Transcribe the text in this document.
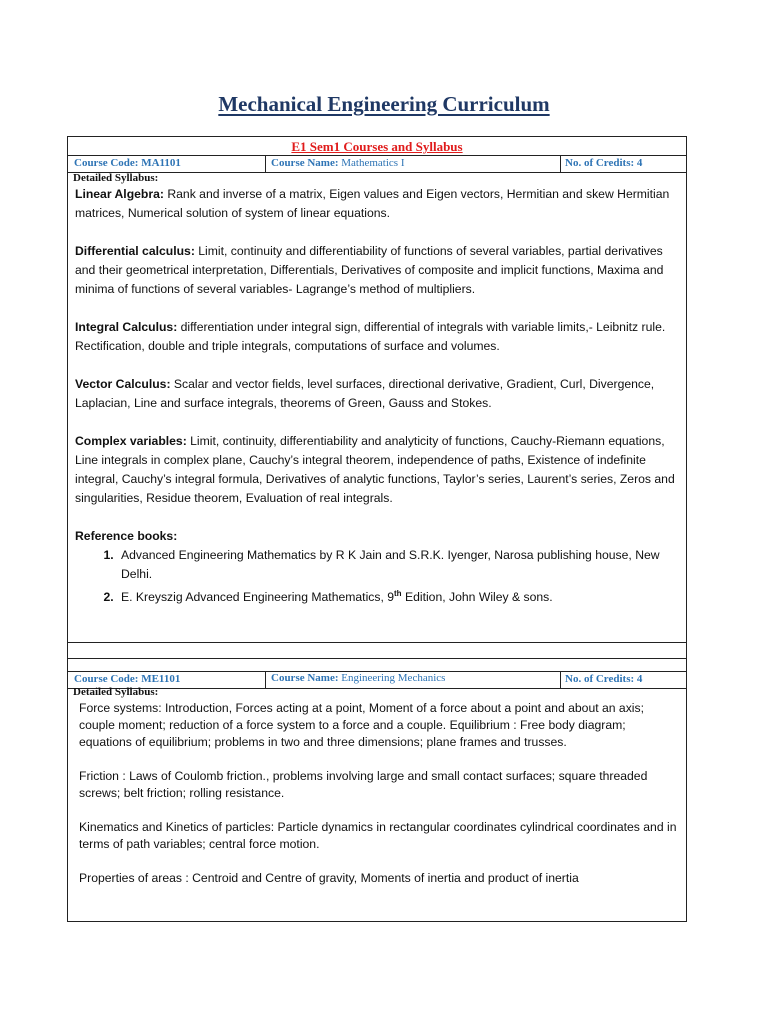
Mechanical Engineering Curriculum
E1 Sem1 Courses and Syllabus
Course Code: MA1101	Course Name: Mathematics I	No. of Credits: 4
Detailed Syllabus:

Linear Algebra: Rank and inverse of a matrix, Eigen values and Eigen vectors, Hermitian and skew Hermitian matrices, Numerical solution of system of linear equations.

Differential calculus: Limit, continuity and differentiability of functions of several variables, partial derivatives and their geometrical interpretation, Differentials, Derivatives of composite and implicit functions, Maxima and minima of functions of several variables- Lagrange’s method of multipliers.

Integral Calculus: differentiation under integral sign, differential of integrals with variable limits,- Leibnitz rule. Rectification, double and triple integrals, computations of surface and volumes.

Vector Calculus: Scalar and vector fields, level surfaces, directional derivative, Gradient, Curl, Divergence, Laplacian, Line and surface integrals, theorems of Green, Gauss and Stokes.

Complex variables: Limit, continuity, differentiability and analyticity of functions, Cauchy-Riemann equations, Line integrals in complex plane, Cauchy’s integral theorem, independence of paths, Existence of indefinite integral, Cauchy’s integral formula, Derivatives of analytic functions, Taylor’s series, Laurent’s series, Zeros and singularities, Residue theorem, Evaluation of real integrals.

Reference books:
1. Advanced Engineering Mathematics by R K Jain and S.R.K. Iyenger, Narosa publishing house, New Delhi.
2. E. Kreyszig Advanced Engineering Mathematics, 9th Edition, John Wiley & sons.
Course Code: ME1101	Course Name: Engineering Mechanics	No. of Credits: 4
Detailed Syllabus:

Force systems: Introduction, Forces acting at a point, Moment of a force about a point and about an axis; couple moment; reduction of a force system to a force and a couple. Equilibrium : Free body diagram; equations of equilibrium; problems in two and three dimensions; plane frames and trusses.

Friction : Laws of Coulomb friction., problems involving large and small contact surfaces; square threaded screws; belt friction; rolling resistance.

Kinematics and Kinetics of particles: Particle dynamics in rectangular coordinates cylindrical coordinates and in terms of path variables; central force motion.

Properties of areas : Centroid and Centre of gravity, Moments of inertia and product of inertia
